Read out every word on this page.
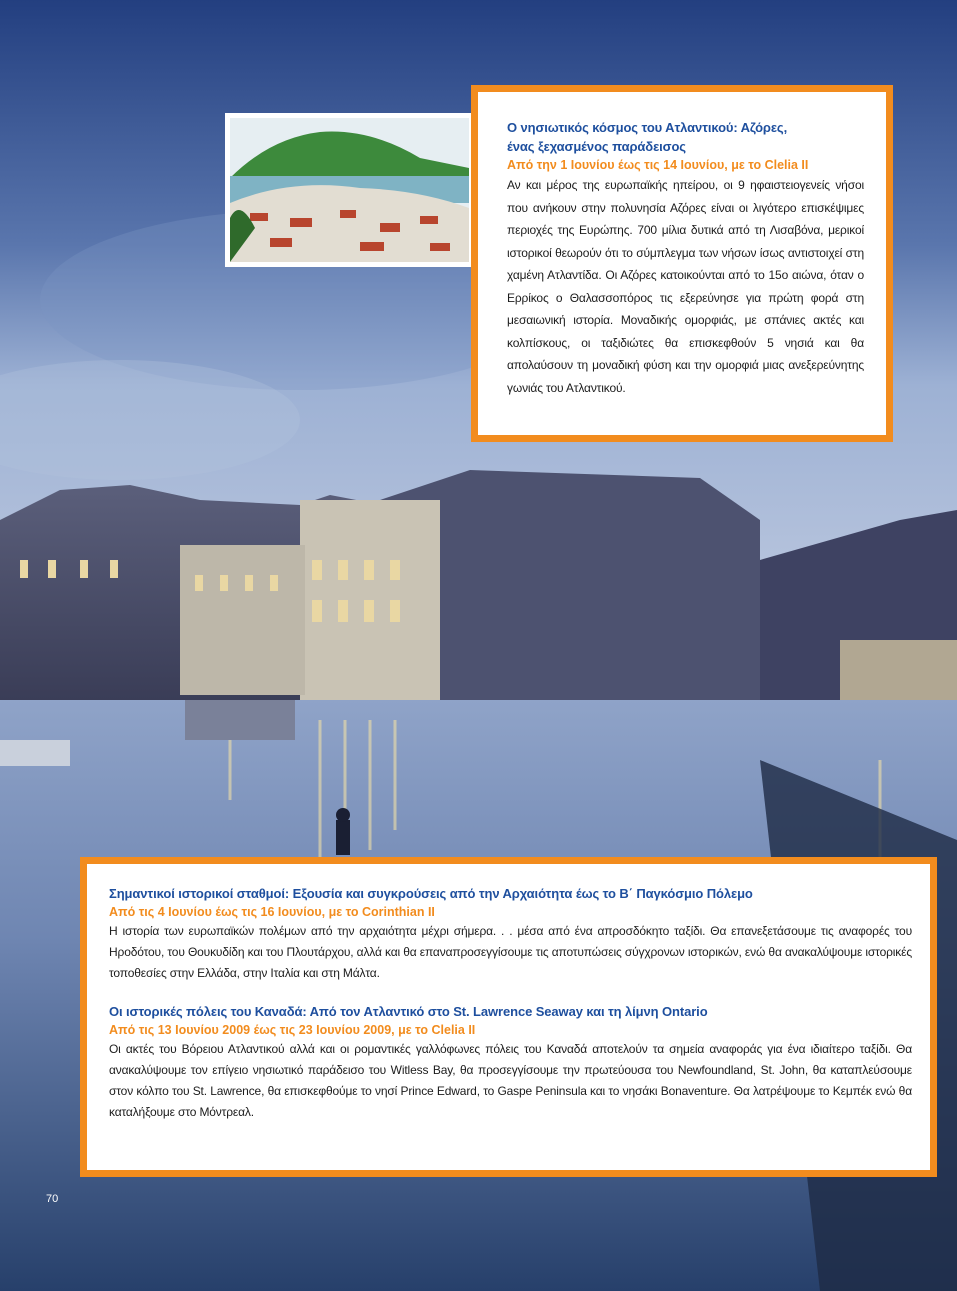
Ο νησιωτικός κόσμος του Ατλαντικού: Αζόρες,

ένας ξεχασμένος παράδεισος

Από την 1 Ιουνίου έως τις 14 Ιουνίου, με το Clelia II

Αν και μέρος της ευρωπαϊκής ηπείρου, οι 9 ηφαιστειογενείς νήσοι που ανήκουν στην πολυνησία Αζόρες είναι οι λιγότερο επισκέψιμες περιοχές της Ευρώπης. 700 μίλια δυτικά από τη Λισαβόνα, μερικοί ιστορικοί θεωρούν ότι το σύμπλεγμα των νήσων ίσως αντιστοιχεί στη χαμένη Ατλαντίδα. Οι Αζόρες κατοικούνται από το 15ο αιώνα, όταν ο Ερρίκος ο Θαλασσοπόρος τις εξερεύνησε για πρώτη φορά στη μεσαιωνική ιστορία. Μοναδικής ομορφιάς, με σπάνιες ακτές και κολπίσκους, οι ταξιδιώτες θα επισκεφθούν 5 νησιά και θα απολαύσουν τη μοναδική φύση και την ομορφιά μιας ανεξερεύνητης γωνιάς του Ατλαντικού.

Σημαντικοί ιστορικοί σταθμοί: Εξουσία και συγκρούσεις από την Αρχαιότητα έως το Β΄ Παγκόσμιο Πόλεμο

Από τις 4 Ιουνίου έως τις 16 Ιουνίου, με το Corinthian II

Η ιστορία των ευρωπαϊκών πολέμων από την αρχαιότητα μέχρι σήμερα. . . μέσα από ένα απροσδόκητο ταξίδι. Θα επανεξετάσουμε τις αναφορές του Ηροδότου, του Θουκυδίδη και του Πλουτάρχου, αλλά και θα επαναπροσεγγίσουμε τις αποτυπώσεις σύγχρονων ιστορικών, ενώ θα ανακαλύψουμε ιστορικές τοποθεσίες στην Ελλάδα, στην Ιταλία και στη Μάλτα.

Οι ιστορικές πόλεις του Καναδά: Από τον Ατλαντικό στο St. Lawrence Seaway και τη λίμνη Ontario

Από τις 13 Ιουνίου 2009 έως τις 23 Ιουνίου 2009, με το Clelia II

Οι ακτές του Βόρειου Ατλαντικού αλλά και οι ρομαντικές γαλλόφωνες πόλεις του Καναδά αποτελούν τα σημεία αναφοράς για ένα ιδιαίτερο ταξίδι. Θα ανακαλύψουμε τον επίγειο νησιωτικό παράδεισο του Witless Bay, θα προσεγγίσουμε την πρωτεύουσα του Newfoundland, St. John, θα καταπλεύσουμε στον κόλπο του St. Lawrence, θα επισκεφθούμε το νησί Prince Edward, το Gaspe Peninsula και το νησάκι Bonaventure. Θα λατρέψουμε το Κεμπέκ ενώ θα καταλήξουμε στο Μόντρεαλ.

70
